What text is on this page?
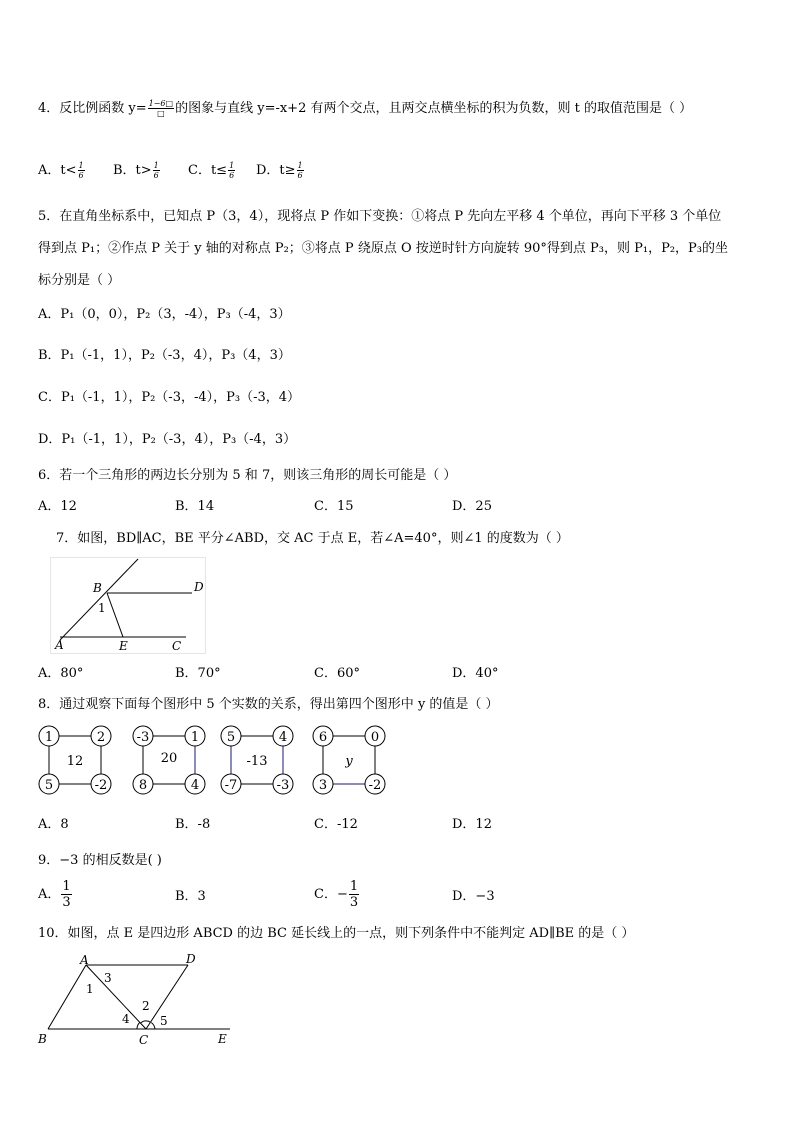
4．反比例函数 $y= \frac{1-6□}{□}$ 的图象与直线 y=-x+2 有两个交点，且两交点横坐标的积为负数，则 t 的取值范围是（ ）
A．$t< \frac{1}{6}$ B．$t> \frac{1}{6}$ C．$t\le \frac{1}{6}$ D．$t\ge \frac{1}{6}$
5．在直角坐标系中，已知点 P（3，4），现将点 P 作如下变换：①将点 P 先向左平移 4 个单位，再向下平移 3 个单位
得到点 P₁；②作点 P 关于 y 轴的对称点 P₂；③将点 P 绕原点 O 按逆时针方向旋转 90°得到点 P₃，则 P₁，P₂，P₃的坐
标分别是（ ）
A．P₁（0，0），P₂（3，-4），P₃（-4，3）
B．P₁（-1，1），P₂（-3，4），P₃（4，3）
C．P₁（-1，1），P₂（-3，-4），P₃（-3，4）
D．P₁（-1，1），P₂（-3，4），P₃（-4，3）
6．若一个三角形的两边长分别为 5 和 7，则该三角形的周长可能是（ ）
A．12	B．14	C．15	D．25
7．如图，BD∥AC，BE 平分∠ABD，交 AC 于点 E，若∠A=40°，则∠1 的度数为（ ）
B	D
1
A	E	C
A．80°	B．70°	C．60°	D．40°
8．通过观察下面每个图形中 5 个实数的关系，得出第四个图形中 y 的值是（ ）
1	2
5	-2
12
-3	1
8	4
20
5	4
-7	-3
-13
6	0
3	-2
y
A．8	B．-8	C．-12	D．12
9．−3 的相反数是( )
A． $\frac{1}{3}$	B．3	C．− $\frac{1}{3}$	D．−3
10．如图，点 E 是四边形 ABCD 的边 BC 延长线上的一点，则下列条件中不能判定 AD∥BE 的是（ ）
A	D
3
1
2
4	5
B	C	E
